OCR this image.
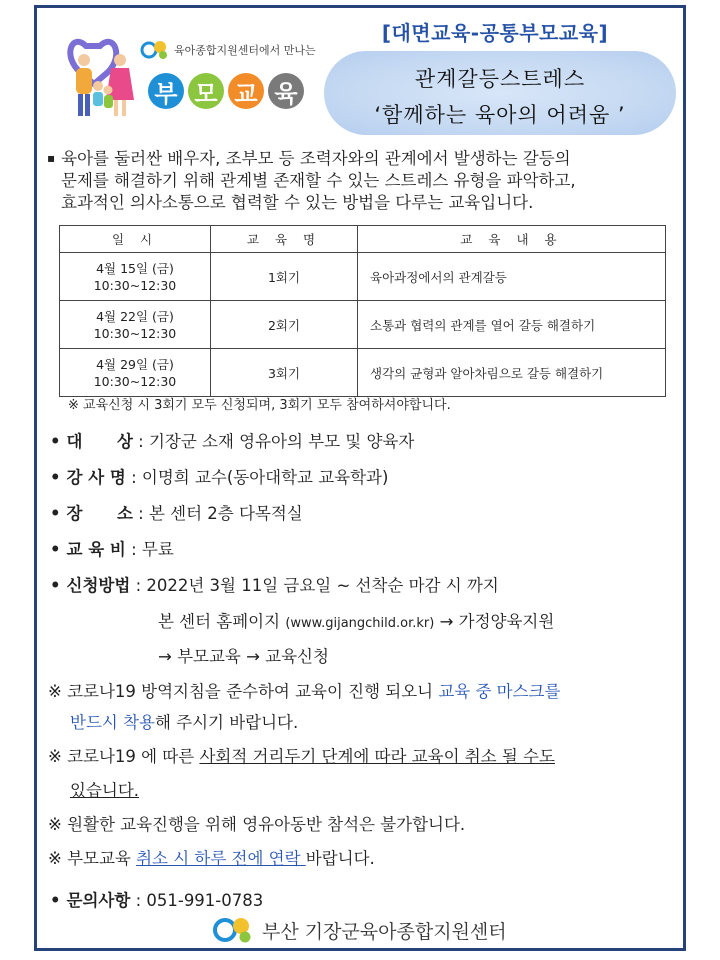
육아종합지원센터에서 만나는
부 모 교 육
[대면교육-공통부모교육]
관계갈등스트레스
‘함께하는 육아의 어려움 ’
▪ 육아를 둘러싼 배우자, 조부모 등 조력자와의 관계에서 발생하는 갈등의
문제를 해결하기 위해 관계별 존재할 수 있는 스트레스 유형을 파악하고,
효과적인 의사소통으로 협력할 수 있는 방법을 다루는 교육입니다.
일 시	교 육 명	교 육 내 용
4월 15일 (금)
10:30~12:30	1회기	육아과정에서의 관계갈등
4월 22일 (금)
10:30~12:30	2회기	소통과 협력의 관계를 열어 갈등 해결하기
4월 29일 (금)
10:30~12:30	3회기	생각의 균형과 알아차림으로 갈등 해결하기
※ 교육신청 시 3회기 모두 신청되며, 3회기 모두 참여하셔야합니다.
• 대      상 : 기장군 소재 영유아의 부모 및 양육자
• 강 사 명 : 이명희 교수(동아대학교 교육학과)
• 장      소 : 본 센터 2층 다목적실
• 교 육 비 : 무료
• 신청방법 : 2022년 3월 11일 금요일 ~ 선착순 마감 시 까지
본 센터 홈페이지 (www.gijangchild.or.kr) → 가정양육지원
→ 부모교육 → 교육신청
※ 코로나19 방역지침을 준수하여 교육이 진행 되오니 교육 중 마스크를
반드시 착용해 주시기 바랍니다.
※ 코로나19 에 따른 사회적 거리두기 단계에 따라 교육이 취소 될 수도
있습니다.
※ 원활한 교육진행을 위해 영유아동반 참석은 불가합니다.
※ 부모교육 취소 시 하루 전에 연락 바랍니다.
• 문의사항 : 051-991-0783
부산 기장군육아종합지원센터
